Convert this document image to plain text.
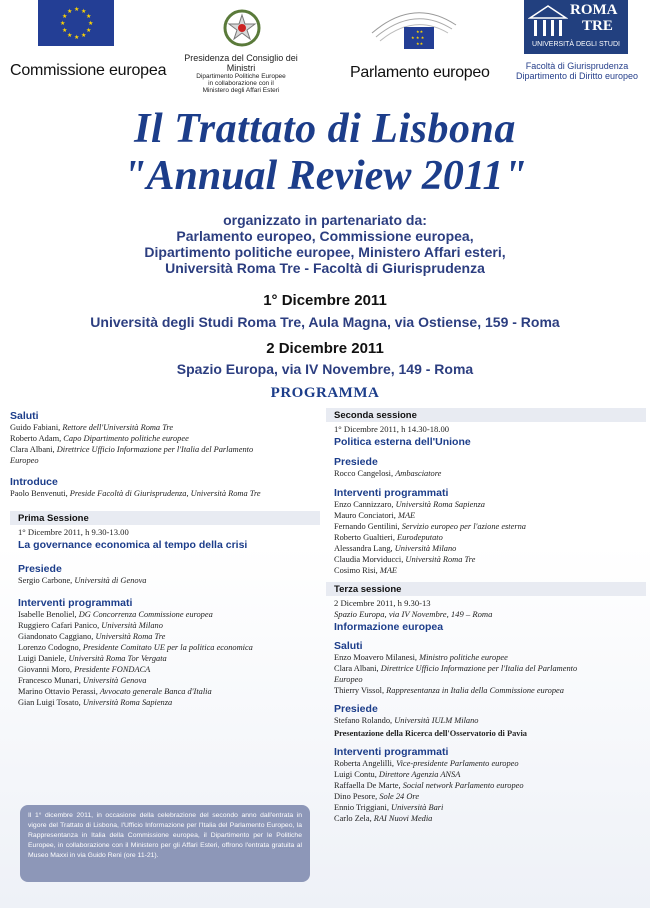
★ ★
★
★
★
★
★
★
★
★
★
★
Commissione europea
Presidenza del Consiglio dei Ministri
Dipartimento Politiche Europee
in collaborazione con il
Ministero degli Affari Esteri
★★
★ ★ ★
★★
Parlamento europeo
ROMA
TRE
UNIVERSITÀ DEGLI STUDI
Facoltà di Giurisprudenza
Dipartimento di Diritto europeo
Il Trattato di Lisbona
"Annual Review 2011"
organizzato in partenariato da:
Parlamento europeo, Commissione europea,
Dipartimento politiche europee, Ministero Affari esteri,
Università Roma Tre - Facoltà di Giurisprudenza
1° Dicembre 2011
Università degli Studi Roma Tre, Aula Magna, via Ostiense, 159 - Roma
2 Dicembre 2011
Spazio Europa, via IV Novembre, 149 - Roma
PROGRAMMA

Saluti

Guido Fabiani, Rettore dell'Università Roma Tre

Roberto Adam, Capo Dipartimento politiche europee

Clara Albani, Direttrice Ufficio Informazione per l'Italia del Parlamento

Europeo

Introduce

Paolo Benvenuti, Preside Facoltà di Giurisprudenza, Università Roma Tre

Prima Sessione

1° Dicembre 2011, h 9.30-13.00

La governance economica al tempo della crisi

Presiede

Sergio Carbone, Università di Genova

Interventi programmati

Isabelle Benoliel, DG Concorrenza Commissione europea

Ruggiero Cafari Panico, Università Milano

Giandonato Caggiano, Università Roma Tre

Lorenzo Codogno, Presidente Comitato UE per la politica economica

Luigi Daniele, Università Roma Tor Vergata

Giovanni Moro, Presidente FONDACA

Francesco Munari, Università Genova

Marino Ottavio Perassi, Avvocato generale Banca d'Italia

Gian Luigi Tosato, Università Roma Sapienza

Seconda sessione

1° Dicembre 2011, h 14.30-18.00

Politica esterna dell'Unione

Presiede

Rocco Cangelosi, Ambasciatore

Interventi programmati

Enzo Cannizzaro, Università Roma Sapienza

Mauro Conciatori, MAE

Fernando Gentilini, Servizio europeo per l'azione esterna

Roberto Gualtieri, Eurodeputato

Alessandra Lang, Università Milano

Claudia Morviducci, Università Roma Tre

Cosimo Risi, MAE

Terza sessione

2 Dicembre 2011, h 9.30-13

Spazio Europa, via IV Novembre, 149 – Roma

Informazione europea

Saluti

Enzo Moavero Milanesi, Ministro politiche europee

Clara Albani, Direttrice Ufficio Informazione per l'Italia del Parlamento

Europeo

Thierry Vissol, Rappresentanza in Italia della Commissione europea

Presiede

Stefano Rolando, Università IULM Milano

Presentazione della Ricerca dell'Osservatorio di Pavia

Interventi programmati

Roberta Angelilli, Vice-presidente Parlamento europeo

Luigi Contu, Direttore Agenzia ANSA

Raffaella De Marte, Social network Parlamento europeo

Dino Pesore, Sole 24 Ore

Ennio Triggiani, Università Bari

Carlo Zela, RAI Nuovi Media

Il 1° dicembre 2011, in occasione della celebrazione del secondo anno dall'entrata in vigore del Trattato di Lisbona, l'Ufficio Informazione per l'Italia del Parlamento Europeo, la Rappresentanza in Italia della Commissione europea, il Dipartimento per le Politiche Europee, in collaborazione con il Ministero per gli Affari Esteri, offrono l'entrata gratuita al Museo Maxxi in via Guido Reni (ore 11-21).
